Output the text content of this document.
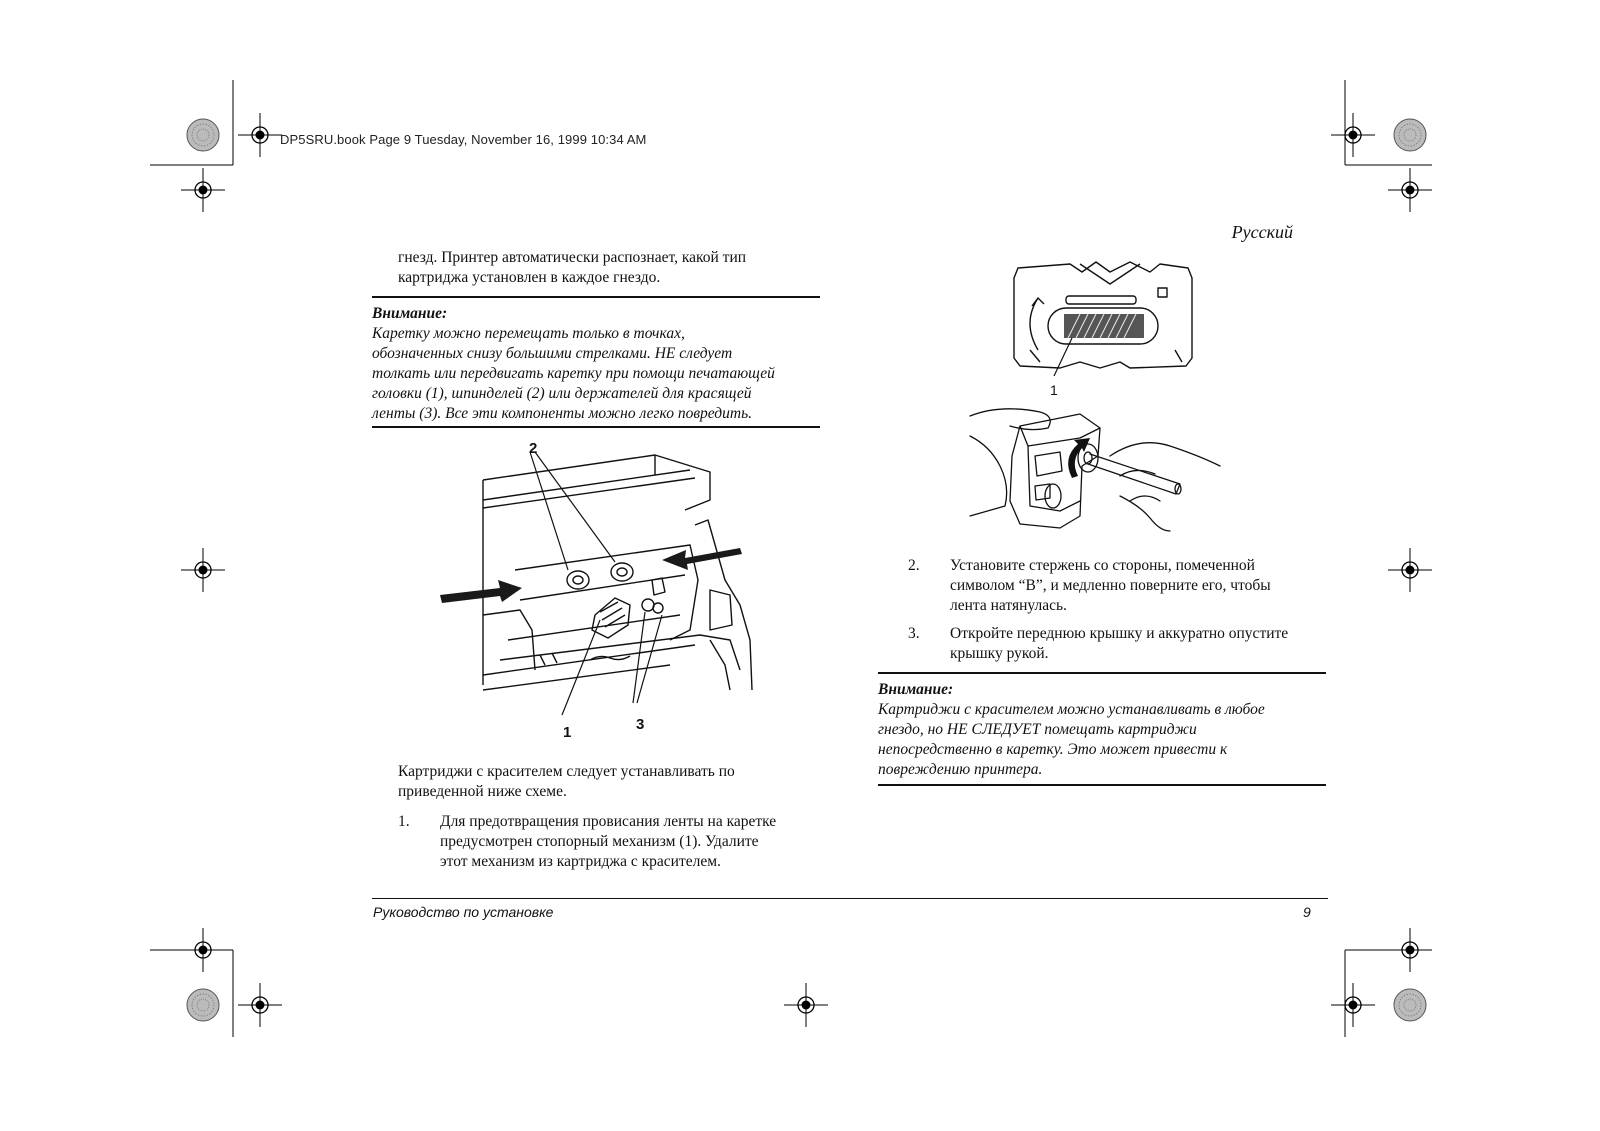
DP5SRU.book Page 9 Tuesday, November 16, 1999 10:34 AM
Русский
гнезд. Принтер автоматически распознает, какой тип
картриджа установлен в каждое гнездо.
Внимание:
Каретку можно перемещать только в точках,
обозначенных снизу большими стрелками. НЕ следует
толкать или передвигать каретку при помощи печатающей
головки (1), шпинделей (2) или держателей для красящей
ленты (3). Все эти компоненты можно легко повредить.
2
1	3
Картриджи с красителем следует устанавливать по
приведенной ниже схеме.
1. Для предотвращения провисания ленты на каретке
предусмотрен стопорный механизм (1). Удалите
этот механизм из картриджа с красителем.
1
2. Установите стержень со стороны, помеченной
символом “B”, и медленно поверните его, чтобы
лента натянулась.
3. Откройте переднюю крышку и аккуратно опустите
крышку рукой.
Внимание:
Картриджи с красителем можно устанавливать в любое
гнездо, но НЕ СЛЕДУЕТ помещать картриджи
непосредственно в каретку. Это может привести к
повреждению принтера.
Руководство по установке	9
